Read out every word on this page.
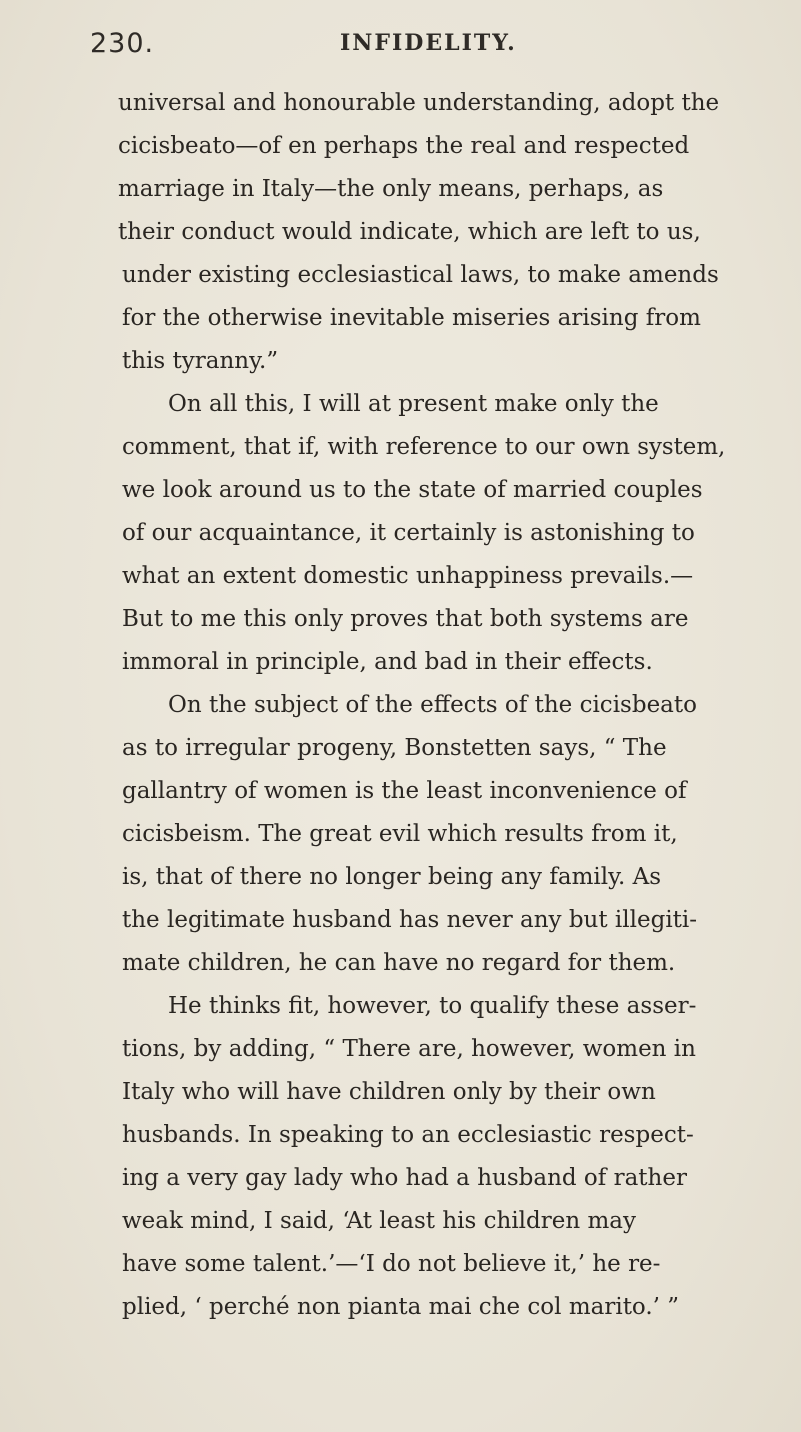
230.	INFIDELITY.
universal and honourable understanding, adopt the
cicisbeato—of en perhaps the real and respected
marriage in Italy—the only means, perhaps, as
their conduct would indicate, which are left to us,
under existing ecclesiastical laws, to make amends
for the otherwise inevitable miseries arising from
this tyranny.”
On all this, I will at present make only the
comment, that if, with reference to our own system,
we look around us to the state of married couples
of our acquaintance, it certainly is astonishing to
what an extent domestic unhappiness prevails.—
But to me this only proves that both systems are
immoral in principle, and bad in their effects.
On the subject of the effects of the cicisbeato
as to irregular progeny, Bonstetten says, “ The
gallantry of women is the least inconvenience of
cicisbeism. The great evil which results from it,
is, that of there no longer being any family. As
the legitimate husband has never any but illegiti-
mate children, he can have no regard for them.
He thinks fit, however, to qualify these asser-
tions, by adding, “ There are, however, women in
Italy who will have children only by their own
husbands. In speaking to an ecclesiastic respect-
ing a very gay lady who had a husband of rather
weak mind, I said, ‘At least his children may
have some talent.’—‘I do not believe it,’ he re-
plied, ‘ perché non pianta mai che col marito.’ ”
